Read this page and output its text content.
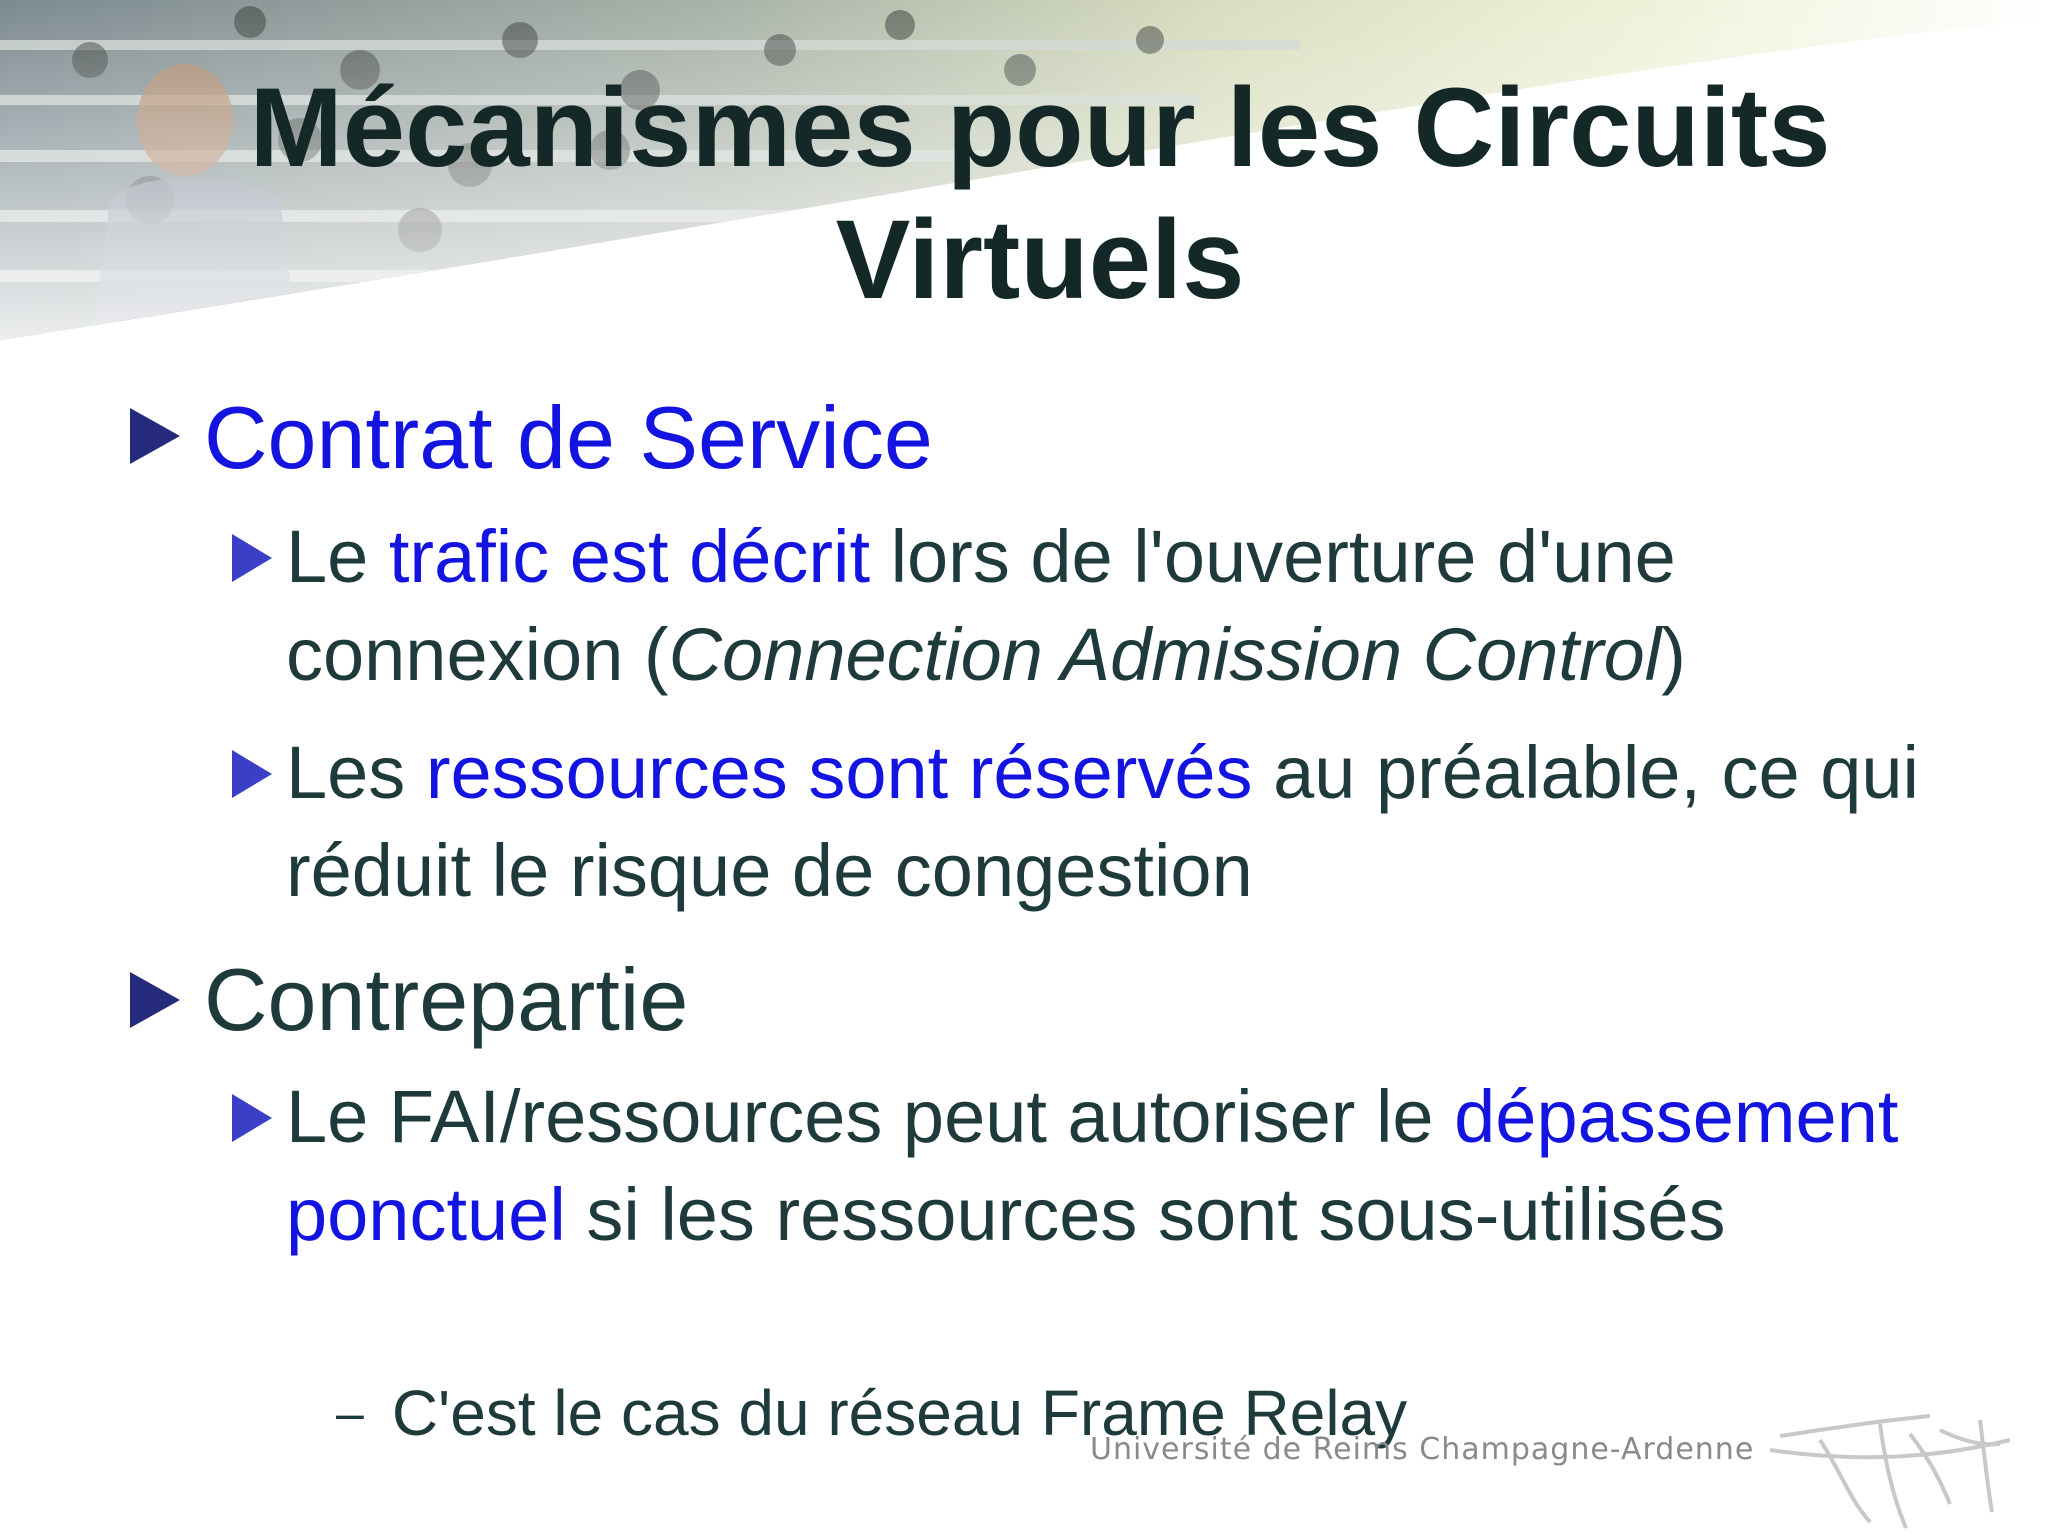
Mécanismes pour les Circuits
Virtuels
Contrat de Service
Le trafic est décrit lors de l'ouverture d'une connexion (Connection Admission Control)
Les ressources sont réservés au préalable, ce qui réduit le risque de congestion
Contrepartie
Le FAI/ressources peut autoriser le dépassement ponctuel si les ressources sont sous-utilisés
– C'est le cas du réseau Frame Relay
Université de Reims Champagne-Ardenne
